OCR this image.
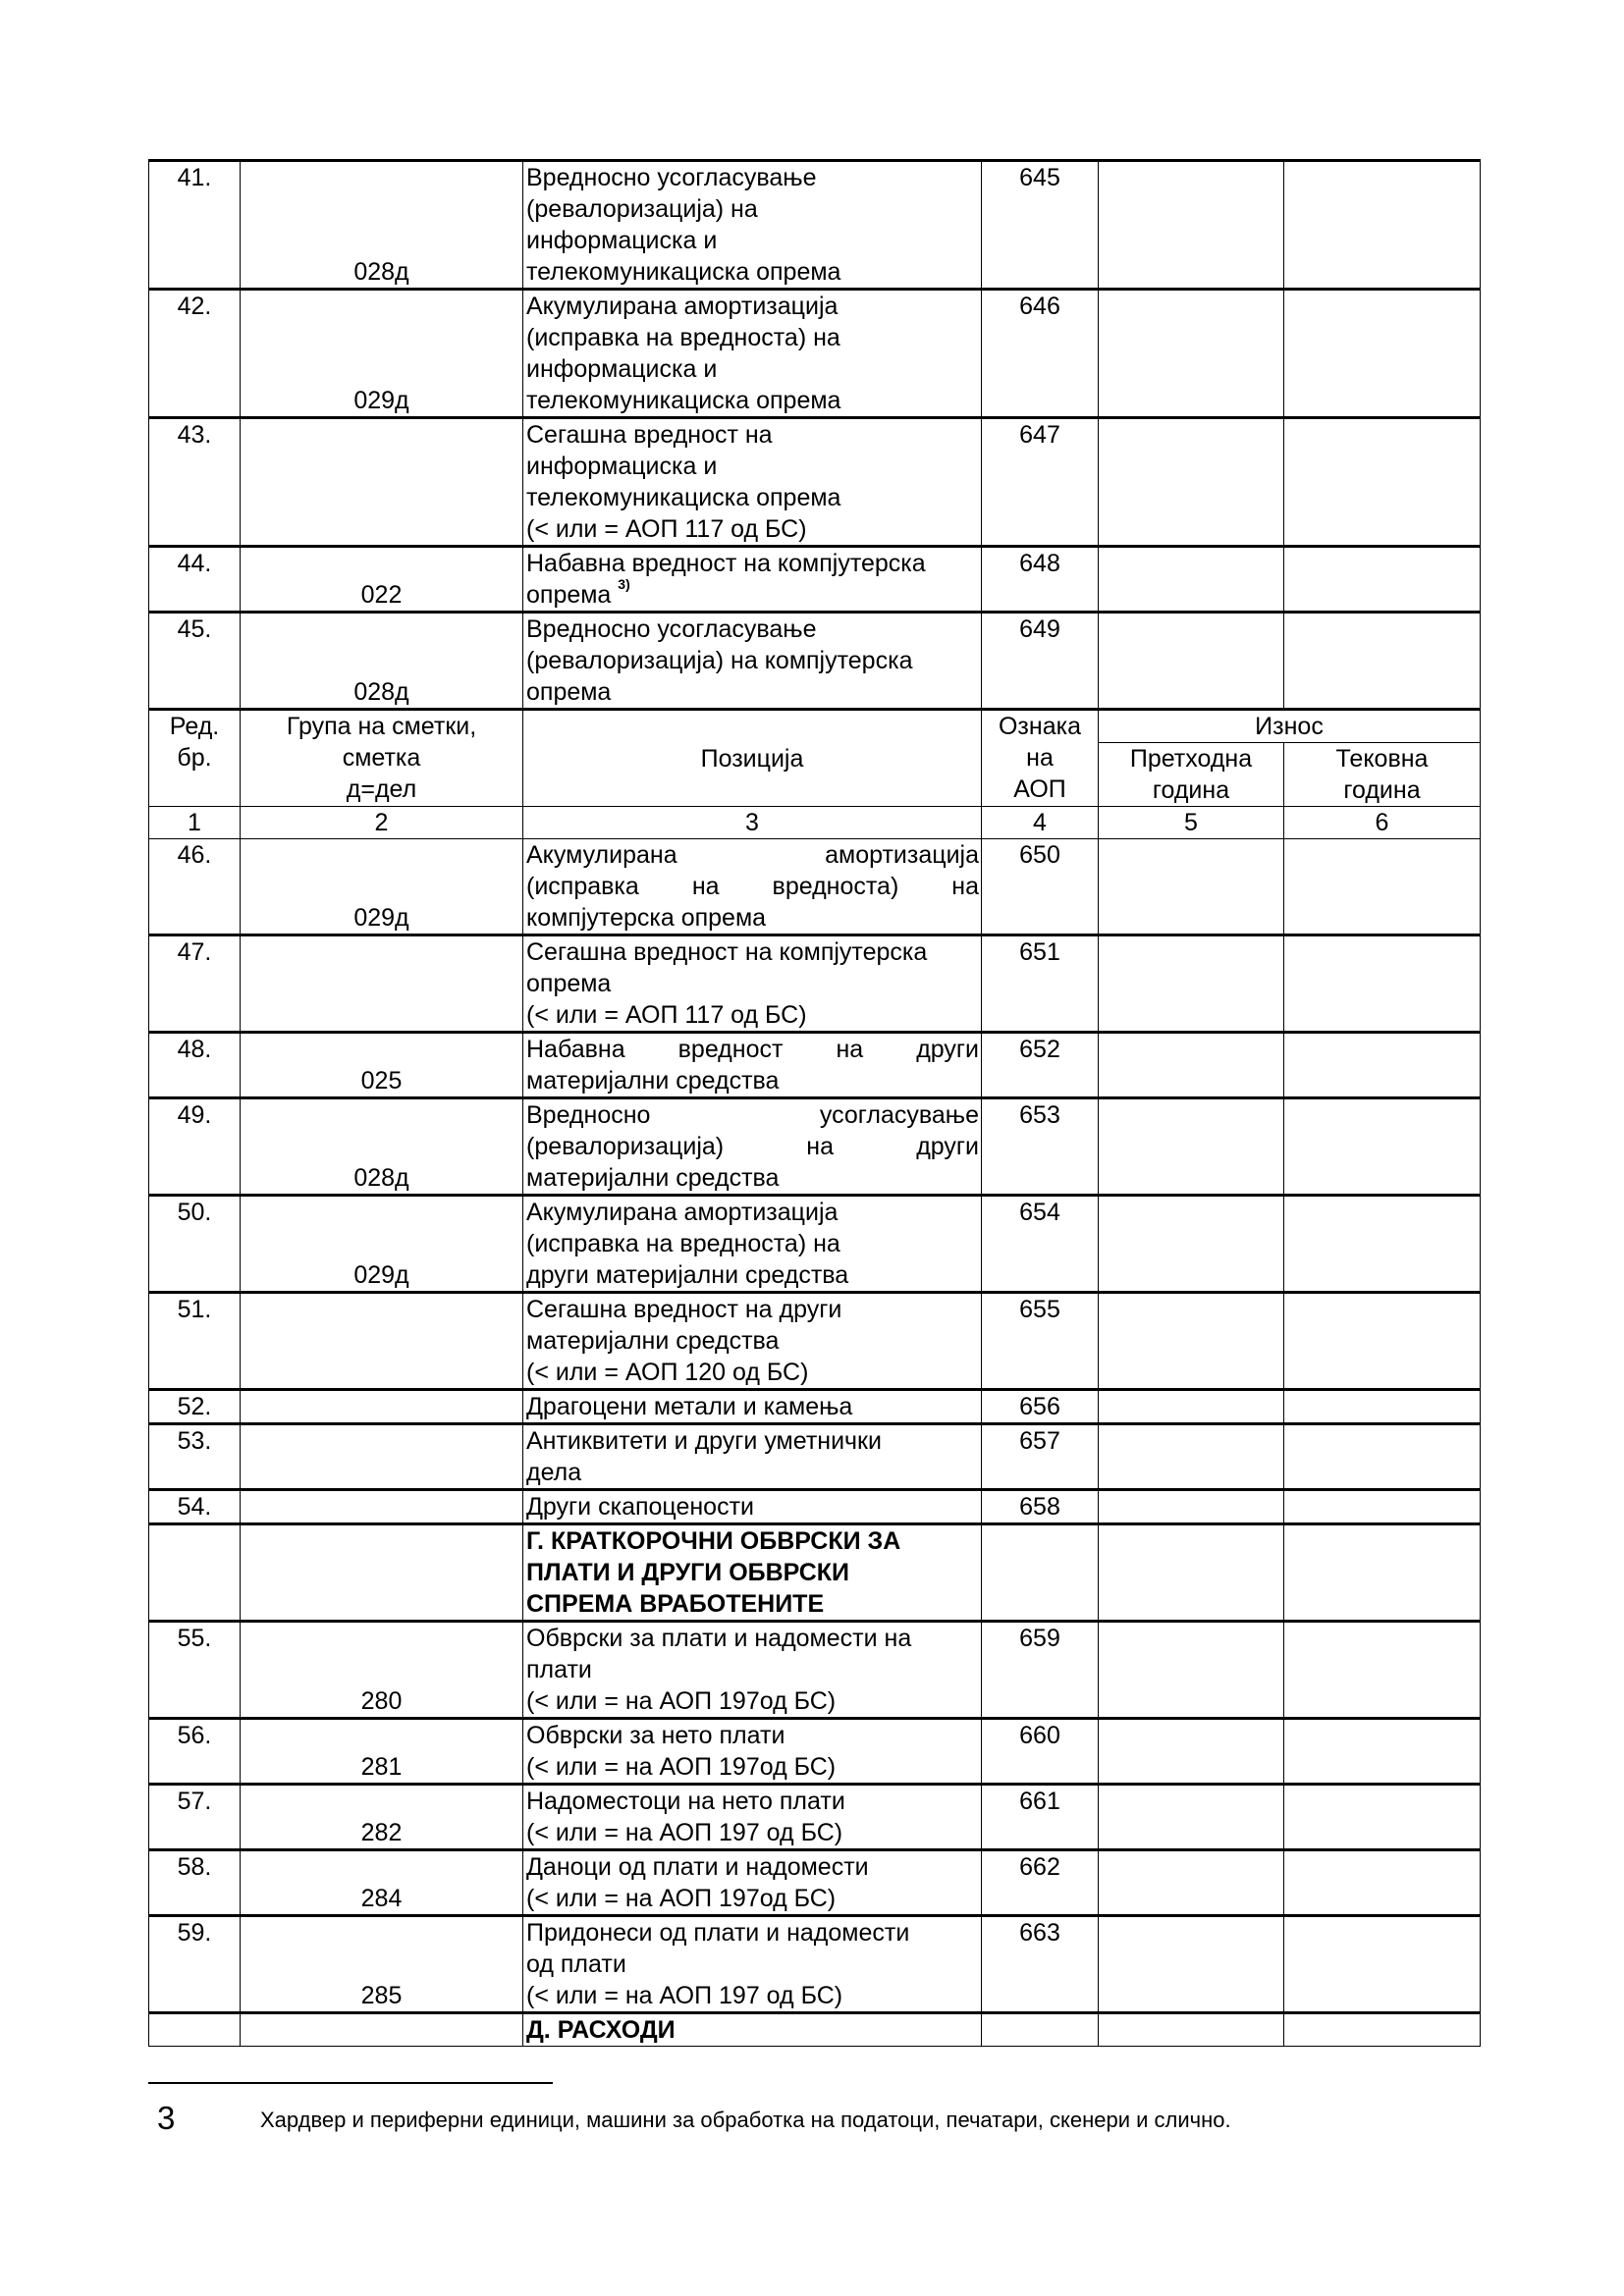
41.	028д	Вредносно усогласување
(ревалоризација) на
информациска и
телекомуникациска опрема	645		
42.	029д	Акумулирана амортизација
(исправка на вредноста) на
информациска и
телекомуникациска опрема	646		
43.		Сегашна вредност на
информациска и
телекомуникациска опрема
(< или = АОП 117 од БС)	647		
44.	022	Набавна вредност на компјутерска
опрема $^{3)}$	648		
45.	028д	Вредносно усогласување
(ревалоризација) на компјутерска
опрема	649		

Ред.
бр.	Група на сметки,
сметка
д=дел	Позиција	Ознака
на
АОП	Износ	

				Претходна
година	Тековна
година

1	2	3	4	5	6
46.	029д	Акумулирана амортизација
(исправка на вредноста) на
компјутерска опрема	650		
47.		Сегашна вредност на компјутерска
опрема
(< или = АОП 117 од БС)	651		
48.	025	Набавна вредност на други
материјални средства	652		
49.	028д	Вредносно усогласување
(ревалоризација) на други
материјални средства	653		
50.	029д	Акумулирана амортизација
(исправка на вредноста) на
други материјални средства	654		
51.		Сегашна вредност на други
материјални средства
(< или = АОП 120 од БС)	655		
52.		Драгоцени метали и камења	656		
53.		Антиквитети и други уметнички
дела	657		
54.		Други скапоцености	658		

		Г. КРАТКОРОЧНИ ОБВРСКИ ЗА
ПЛАТИ И ДРУГИ ОБВРСКИ
СПРЕМА ВРАБОТЕНИТЕ			

55.	280	Обврски за плати и надомести на
плати
(< или = на АОП 197од БС)	659		
56.	281	Обврски за нето плати
(< или = на АОП 197од БС)	660		
57.	282	Надоместоци на нето плати
(< или = на АОП 197 од БС)	661		
58.	284	Даноци од плати и надомести
(< или = на АОП 197од БС)	662		
59.	285	Придонеси од плати и надомести
од плати
(< или = на АОП 197 од БС)	663		

		Д. РАСХОДИ			

3	Хардвер и периферни единици, машини за обработка на податоци, печатари, скенери и слично.
